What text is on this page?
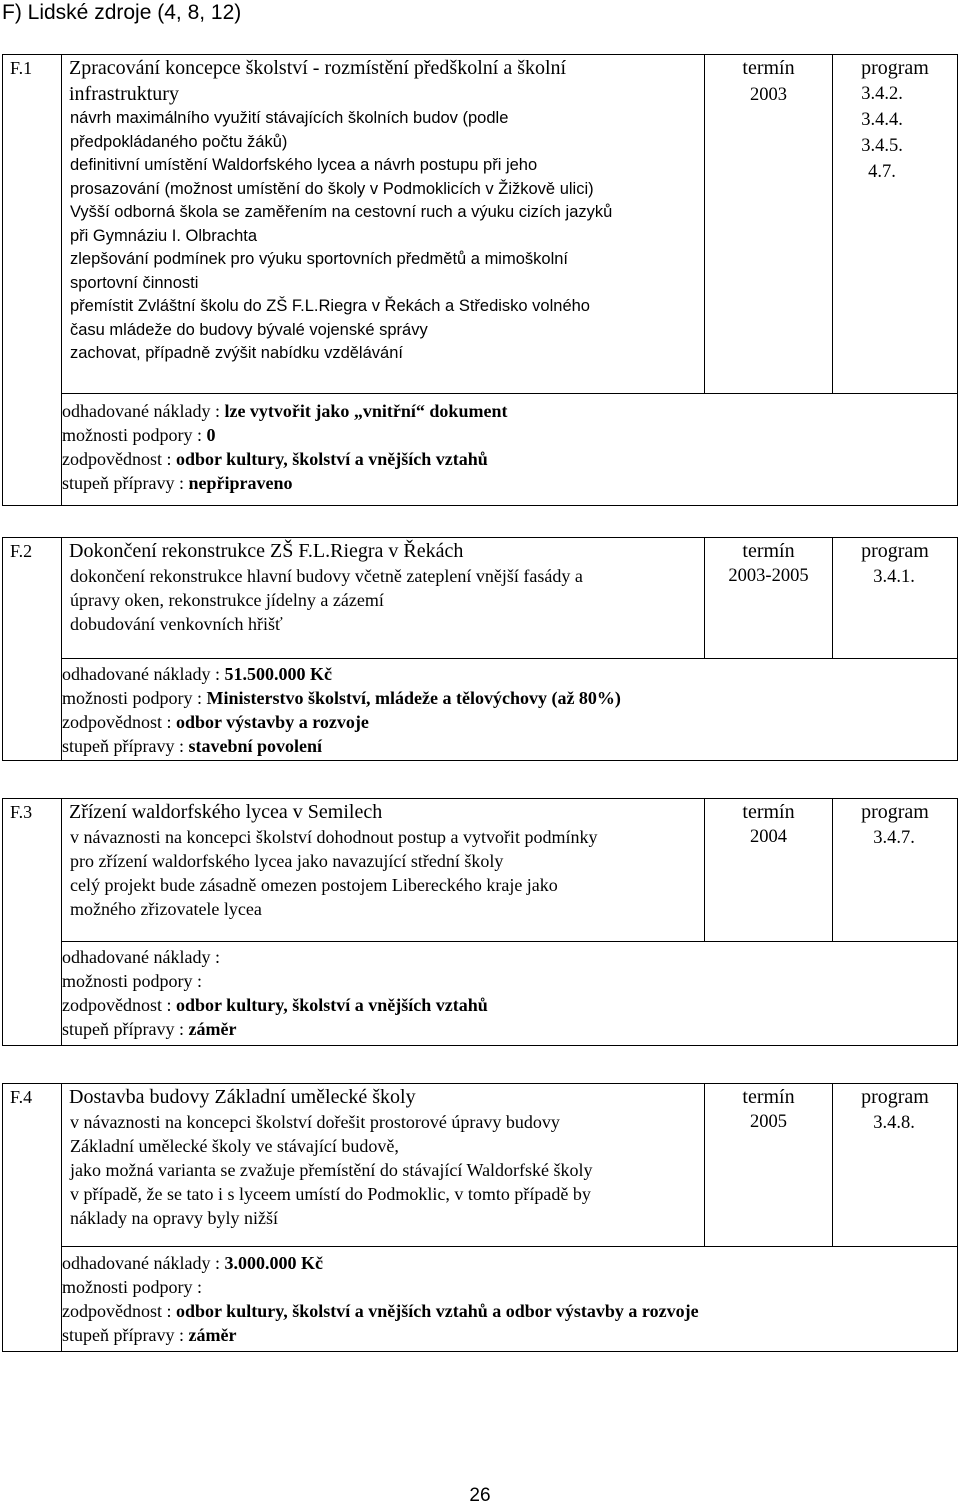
F) Lidské zdroje (4, 8, 12)
F.1	Zpracování koncepce školství - rozmístění předškolní a školní
infrastruktury
návrh maximálního využití stávajících školních budov (podle
předpokládaného počtu žáků)
definitivní umístění Waldorfského lycea a návrh postupu při jeho
prosazování (možnost umístění do školy v Podmoklicích v Žižkově ulici)
Vyšší odborná škola se zaměřením na cestovní ruch a výuku cizích jazyků
při Gymnáziu I. Olbrachta
zlepšování podmínek pro výuku sportovních předmětů a mimoškolní
sportovní činnosti
přemístit Zvláštní školu do ZŠ F.L.Riegra v Řekách a Středisko volného
času mládeže do budovy bývalé vojenské správy
zachovat, případně zvýšit nabídku vzdělávání

termín
2003

program
3.4.2.
3.4.4.
3.4.5.
4.7.

odhadované náklady : lze vytvořit jako „vnitřní“ dokument
možnosti podpory : 0
zodpovědnost : odbor kultury, školství a vnějších vztahů
stupeň přípravy : nepřipraveno
F.2	Dokončení rekonstrukce ZŠ F.L.Riegra v Řekách
dokončení rekonstrukce hlavní budovy včetně zateplení vnější fasády a
úpravy oken, rekonstrukce jídelny a zázemí
dobudování venkovních hřišť

termín
2003-2005

program
3.4.1.

odhadované náklady : 51.500.000 Kč
možnosti podpory : Ministerstvo školství, mládeže a tělovýchovy (až 80%)
zodpovědnost : odbor výstavby a rozvoje
stupeň přípravy : stavební povolení
F.3	Zřízení waldorfského lycea v Semilech
v návaznosti na koncepci školství dohodnout postup a vytvořit podmínky
pro zřízení waldorfského lycea jako navazující střední školy
celý projekt bude zásadně omezen postojem Libereckého kraje jako
možného zřizovatele lycea

termín
2004

program
3.4.7.

odhadované náklady :
možnosti podpory :
zodpovědnost : odbor kultury, školství a vnějších vztahů
stupeň přípravy : záměr
F.4	Dostavba budovy Základní umělecké školy
v návaznosti na koncepci školství dořešit prostorové úpravy budovy
Základní umělecké školy ve stávající budově,
jako možná varianta se zvažuje přemístění do stávající Waldorfské školy
v případě, že se tato i s lyceem umístí do Podmoklic, v tomto případě by
náklady na opravy byly nižší

termín
2005

program
3.4.8.

odhadované náklady : 3.000.000 Kč
možnosti podpory :
zodpovědnost : odbor kultury, školství a vnějších vztahů a odbor výstavby a rozvoje
stupeň přípravy : záměr
26
